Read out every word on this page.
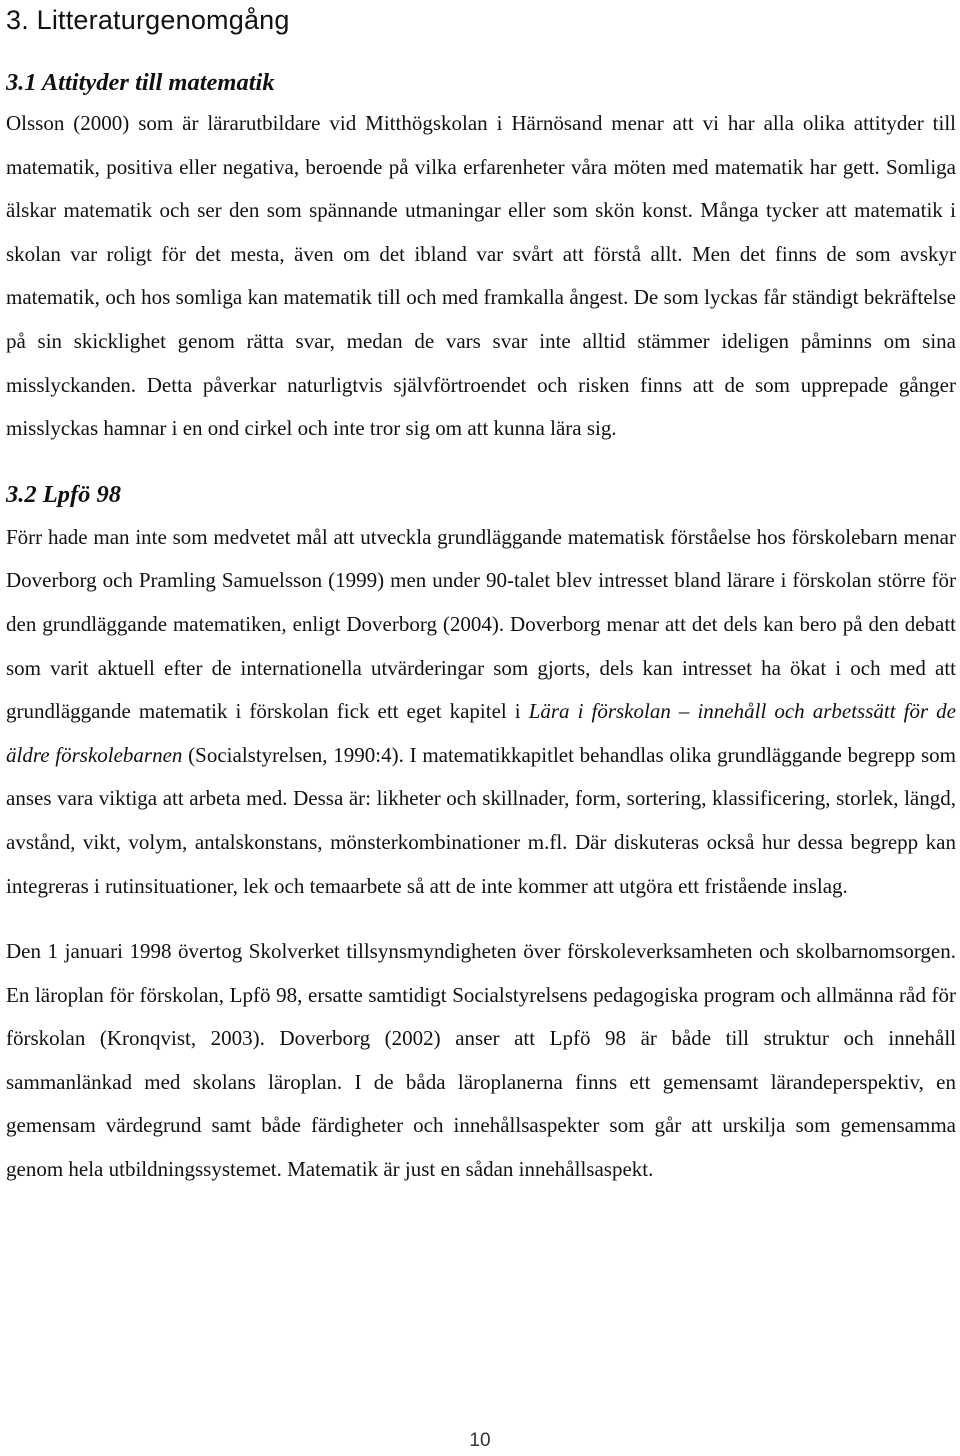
3. Litteraturgenomgång
3.1 Attityder till matematik

Olsson (2000) som är lärarutbildare vid Mitthögskolan i Härnösand menar att vi har alla olika attityder till matematik, positiva eller negativa, beroende på vilka erfarenheter våra möten med matematik har gett. Somliga älskar matematik och ser den som spännande utmaningar eller som skön konst. Många tycker att matematik i skolan var roligt för det mesta, även om det ibland var svårt att förstå allt. Men det finns de som avskyr matematik, och hos somliga kan matematik till och med framkalla ångest. De som lyckas får ständigt bekräftelse på sin skicklighet genom rätta svar, medan de vars svar inte alltid stämmer ideligen påminns om sina misslyckanden. Detta påverkar naturligtvis självförtroendet och risken finns att de som upprepade gånger misslyckas hamnar i en ond cirkel och inte tror sig om att kunna lära sig.

3.2 Lpfö 98

Förr hade man inte som medvetet mål att utveckla grundläggande matematisk förståelse hos förskolebarn menar Doverborg och Pramling Samuelsson (1999) men under 90-talet blev intresset bland lärare i förskolan större för den grundläggande matematiken, enligt Doverborg (2004). Doverborg menar att det dels kan bero på den debatt som varit aktuell efter de internationella utvärderingar som gjorts, dels kan intresset ha ökat i och med att grundläggande matematik i förskolan fick ett eget kapitel i Lära i förskolan – innehåll och arbetssätt för de äldre förskolebarnen (Socialstyrelsen, 1990:4). I matematikkapitlet behandlas olika grundläggande begrepp som anses vara viktiga att arbeta med. Dessa är: likheter och skillnader, form, sortering, klassificering, storlek, längd, avstånd, vikt, volym, antalskonstans, mönsterkombinationer m.fl. Där diskuteras också hur dessa begrepp kan integreras i rutinsituationer, lek och temaarbete så att de inte kommer att utgöra ett fristående inslag.

Den 1 januari 1998 övertog Skolverket tillsynsmyndigheten över förskoleverksamheten och skolbarnomsorgen. En läroplan för förskolan, Lpfö 98, ersatte samtidigt Socialstyrelsens pedagogiska program och allmänna råd för förskolan (Kronqvist, 2003). Doverborg (2002) anser att Lpfö 98 är både till struktur och innehåll sammanlänkad med skolans läroplan. I de båda läroplanerna finns ett gemensamt lärandeperspektiv, en gemensam värdegrund samt både färdigheter och innehållsaspekter som går att urskilja som gemensamma genom hela utbildningssystemet. Matematik är just en sådan innehållsaspekt.

10
